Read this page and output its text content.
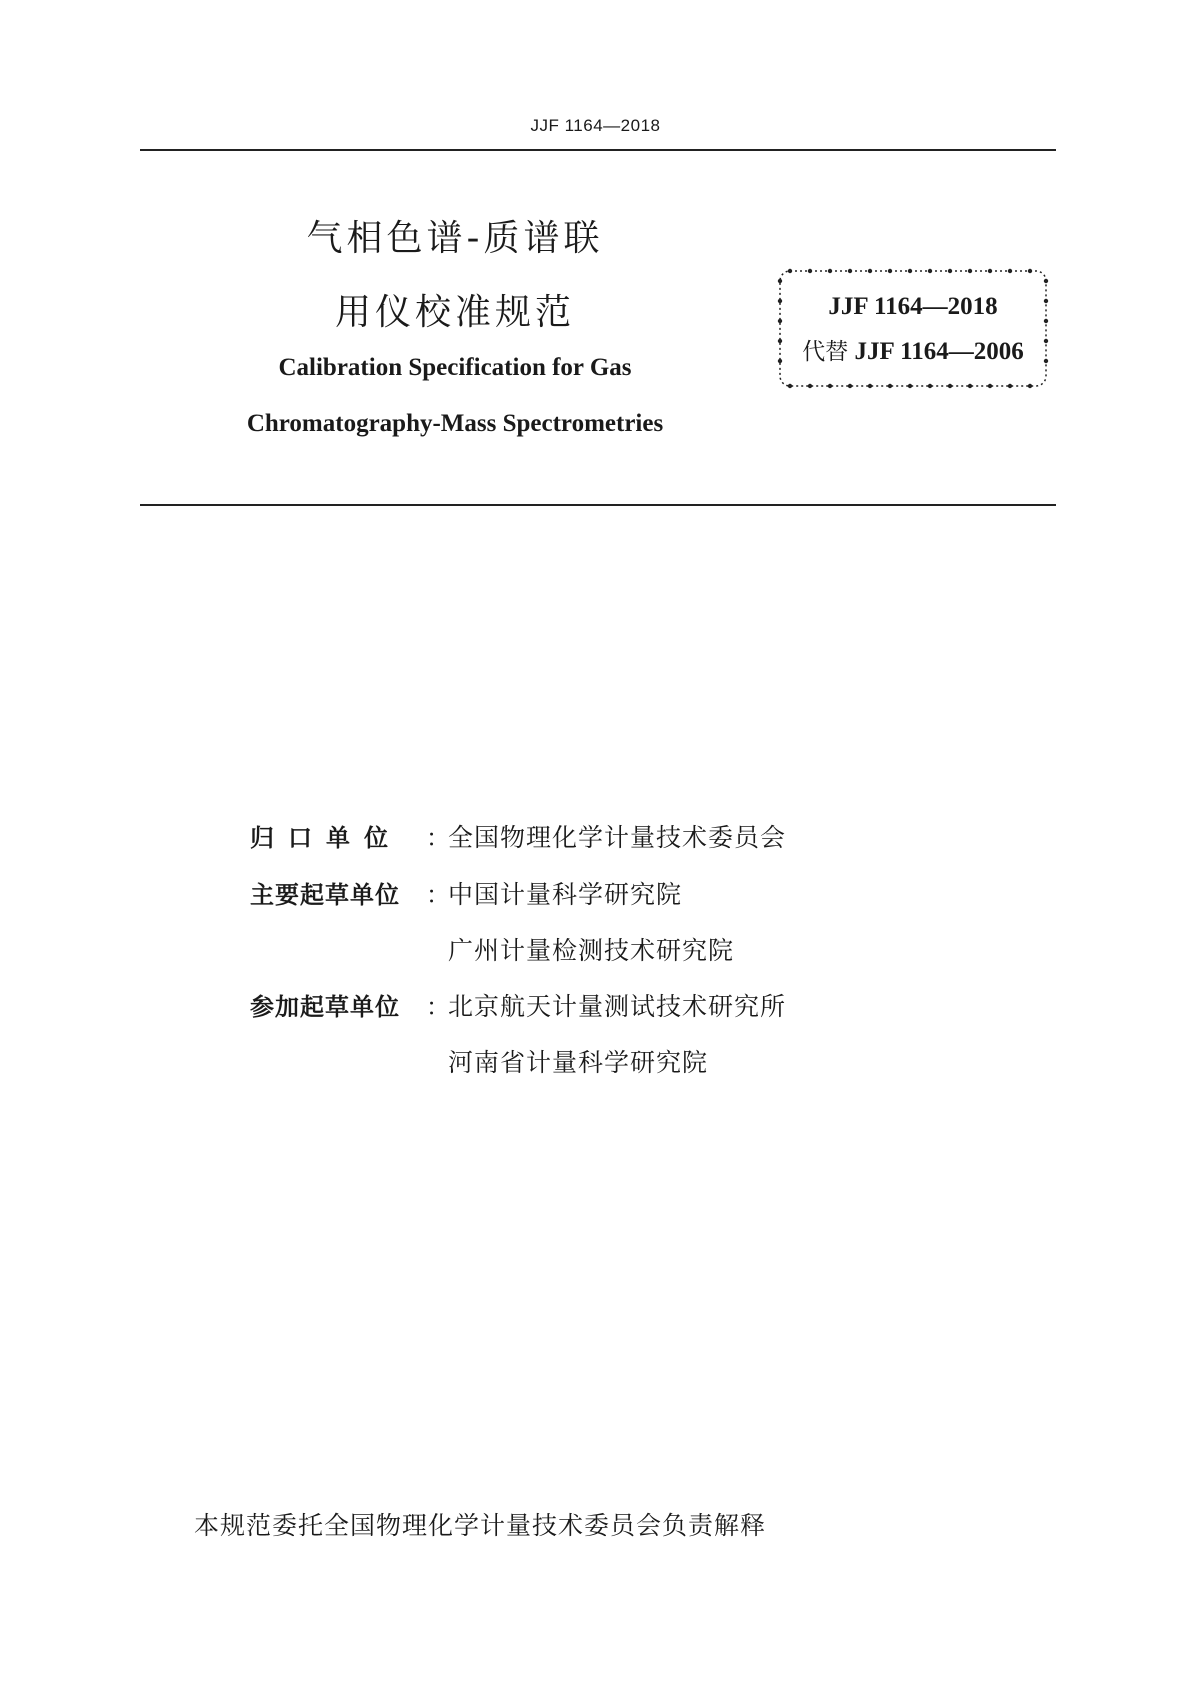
JJF 1164—2018
气相色谱-质谱联
用仪校准规范
Calibration Specification for Gas
Chromatography-Mass Spectrometries
JJF 1164—2018
代替 JJF 1164—2006
归口单位	：
全国物理化学计量技术委员会
主要起草单位	：
中国计量科学研究院
广州计量检测技术研究院
参加起草单位	：
北京航天计量测试技术研究所
河南省计量科学研究院
本规范委托全国物理化学计量技术委员会负责解释
